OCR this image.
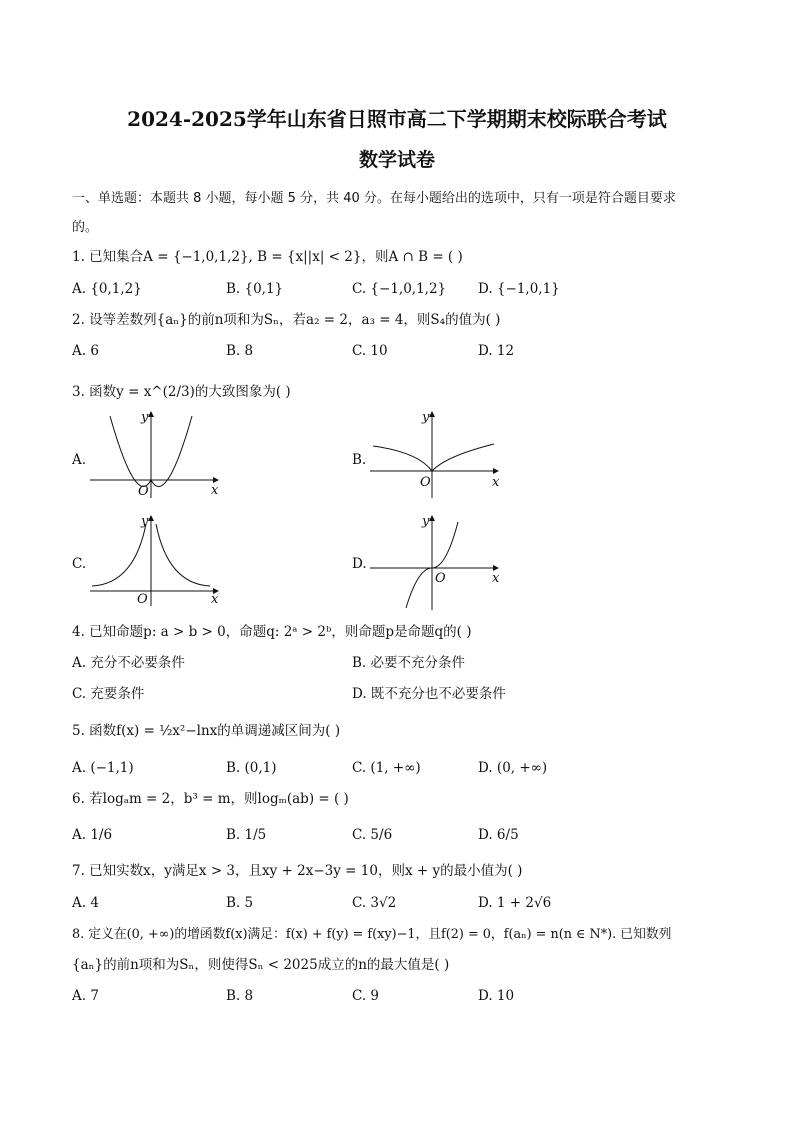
2024-2025学年山东省日照市高二下学期期末校际联合考试
数学试卷
一、单选题：本题共 8 小题，每小题 5 分，共 40 分。在每小题给出的选项中，只有一项是符合题目要求
的。
1. 已知集合A = {−1,0,1,2}, B = {x||x| < 2}，则A ∩ B = ( )
A. {0,1,2}	B. {0,1}	C. {−1,0,1,2} D. {−1,0,1}
2. 设等差数列{aₙ}的前n项和为Sₙ，若a₂ = 2，a₃ = 4，则S₄的值为( )
A. 6	B. 8	C. 10	D. 12
3. 函数y = x^(2/3)的大致图象为( )
A.	B.
C.	D.
y
x
O
y
x
O
y
x
O
y
x
O
4. 已知命题p: a > b > 0，命题q: 2ᵃ > 2ᵇ，则命题p是命题q的( )
A. 充分不必要条件	B. 必要不充分条件
C. 充要条件	D. 既不充分也不必要条件
5. 函数f(x) = ½x²−lnx的单调递减区间为( )
A. (−1,1)	B. (0,1)	C. (1, +∞)	D. (0, +∞)
6. 若logₐm = 2，b³ = m，则logₘ(ab) = ( )
A. 1/6	B. 1/5	C. 5/6	D. 6/5
7. 已知实数x，y满足x > 3，且xy + 2x−3y = 10，则x + y的最小值为( )
A. 4	B. 5	C. 3√2	D. 1 + 2√6
8. 定义在(0, +∞)的增函数f(x)满足：f(x) + f(y) = f(xy)−1，且f(2) = 0，f(aₙ) = n(n ∈ N*). 已知数列
{aₙ}的前n项和为Sₙ，则使得Sₙ < 2025成立的n的最大值是( )
A. 7	B. 8	C. 9	D. 10
